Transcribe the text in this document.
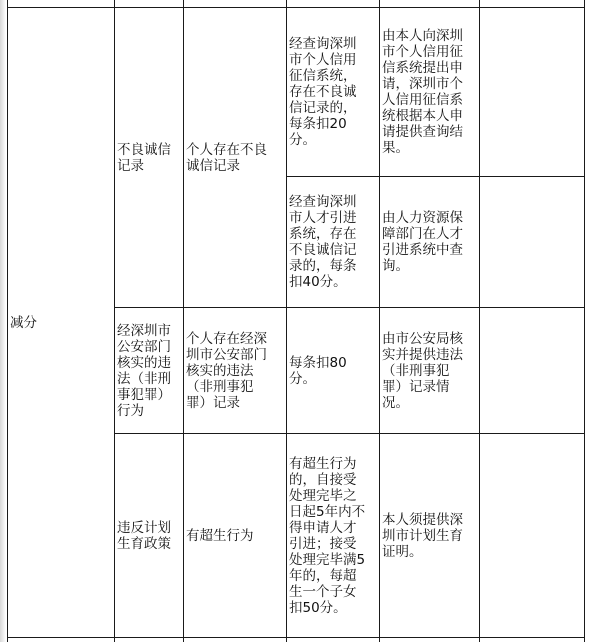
减分
不良诚信
记录
个人存在不良
诚信记录
经查询深圳
市个人信用
征信系统，
存在不良诚
信记录的，
每条扣20
分。
由本人向深圳
市个人信用征
信系统提出申
请，深圳市个
人信用征信系
统根据本人申
请提供查询结
果。
经查询深圳
市人才引进
系统，存在
不良诚信记
录的，每条
扣40分。
由人力资源保
障部门在人才
引进系统中查
询。
经深圳市
公安部门
核实的违
法（非刑
事犯罪）
行为
个人存在经深
圳市公安部门
核实的违法
（非刑事犯
罪）记录
每条扣80
分。
由市公安局核
实并提供违法
（非刑事犯
罪）记录情
况。
违反计划
生育政策 有超生行为
有超生行为
的，自接受
处理完毕之
日起5年内不
得申请人才
引进；接受
处理完毕满5
年的，每超
生一个子女
扣50分。
本人须提供深
圳市计划生育
证明。
